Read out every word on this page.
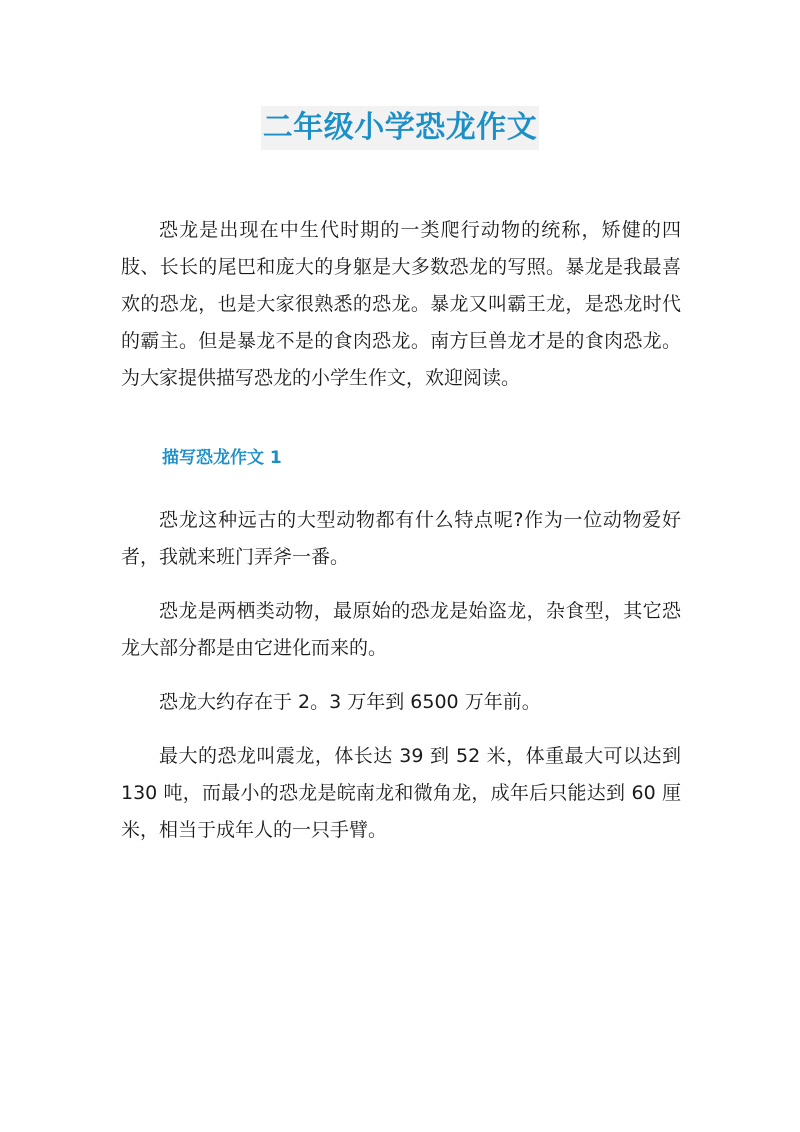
二年级小学恐龙作文

恐龙是出现在中生代时期的一类爬行动物的统称，矫健的四肢、长长的尾巴和庞大的身躯是大多数恐龙的写照。暴龙是我最喜欢的恐龙，也是大家很熟悉的恐龙。暴龙又叫霸王龙，是恐龙时代的霸主。但是暴龙不是的食肉恐龙。南方巨兽龙才是的食肉恐龙。为大家提供描写恐龙的小学生作文，欢迎阅读。

描写恐龙作文 1

恐龙这种远古的大型动物都有什么特点呢?作为一位动物爱好者，我就来班门弄斧一番。

恐龙是两栖类动物，最原始的恐龙是始盗龙，杂食型，其它恐龙大部分都是由它进化而来的。

恐龙大约存在于 2。3 万年到 6500 万年前。

最大的恐龙叫震龙，体长达 39 到 52 米，体重最大可以达到 130 吨，而最小的恐龙是皖南龙和微角龙，成年后只能达到 60 厘米，相当于成年人的一只手臂。
